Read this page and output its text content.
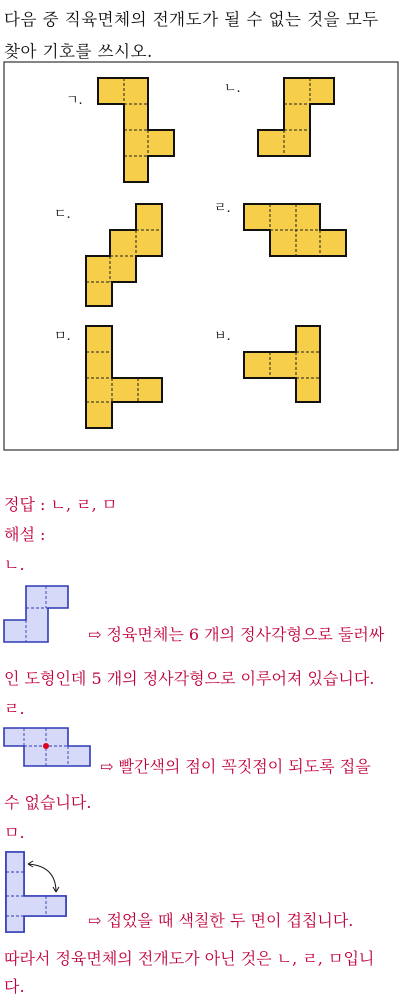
다음 중 직육면체의 전개도가 될 수 없는 것을 모두
찾아 기호를 쓰시오.
ㄱ.
ㄴ.
ㄷ.	ㄹ.
ㅁ.	ㅂ.
정답 : ㄴ, ㄹ, ㅁ
해설 :
ㄴ.
⇨ 정육면체는 6 개의 정사각형으로 둘러싸
인 도형인데 5 개의 정사각형으로 이루어져 있습니다.
ㄹ.
⇨ 빨간색의 점이 꼭짓점이 되도록 접을
수 없습니다.
ㅁ.
⇨ 접었을 때 색칠한 두 면이 겹칩니다.
따라서 정육면체의 전개도가 아닌 것은 ㄴ, ㄹ, ㅁ입니
다.
